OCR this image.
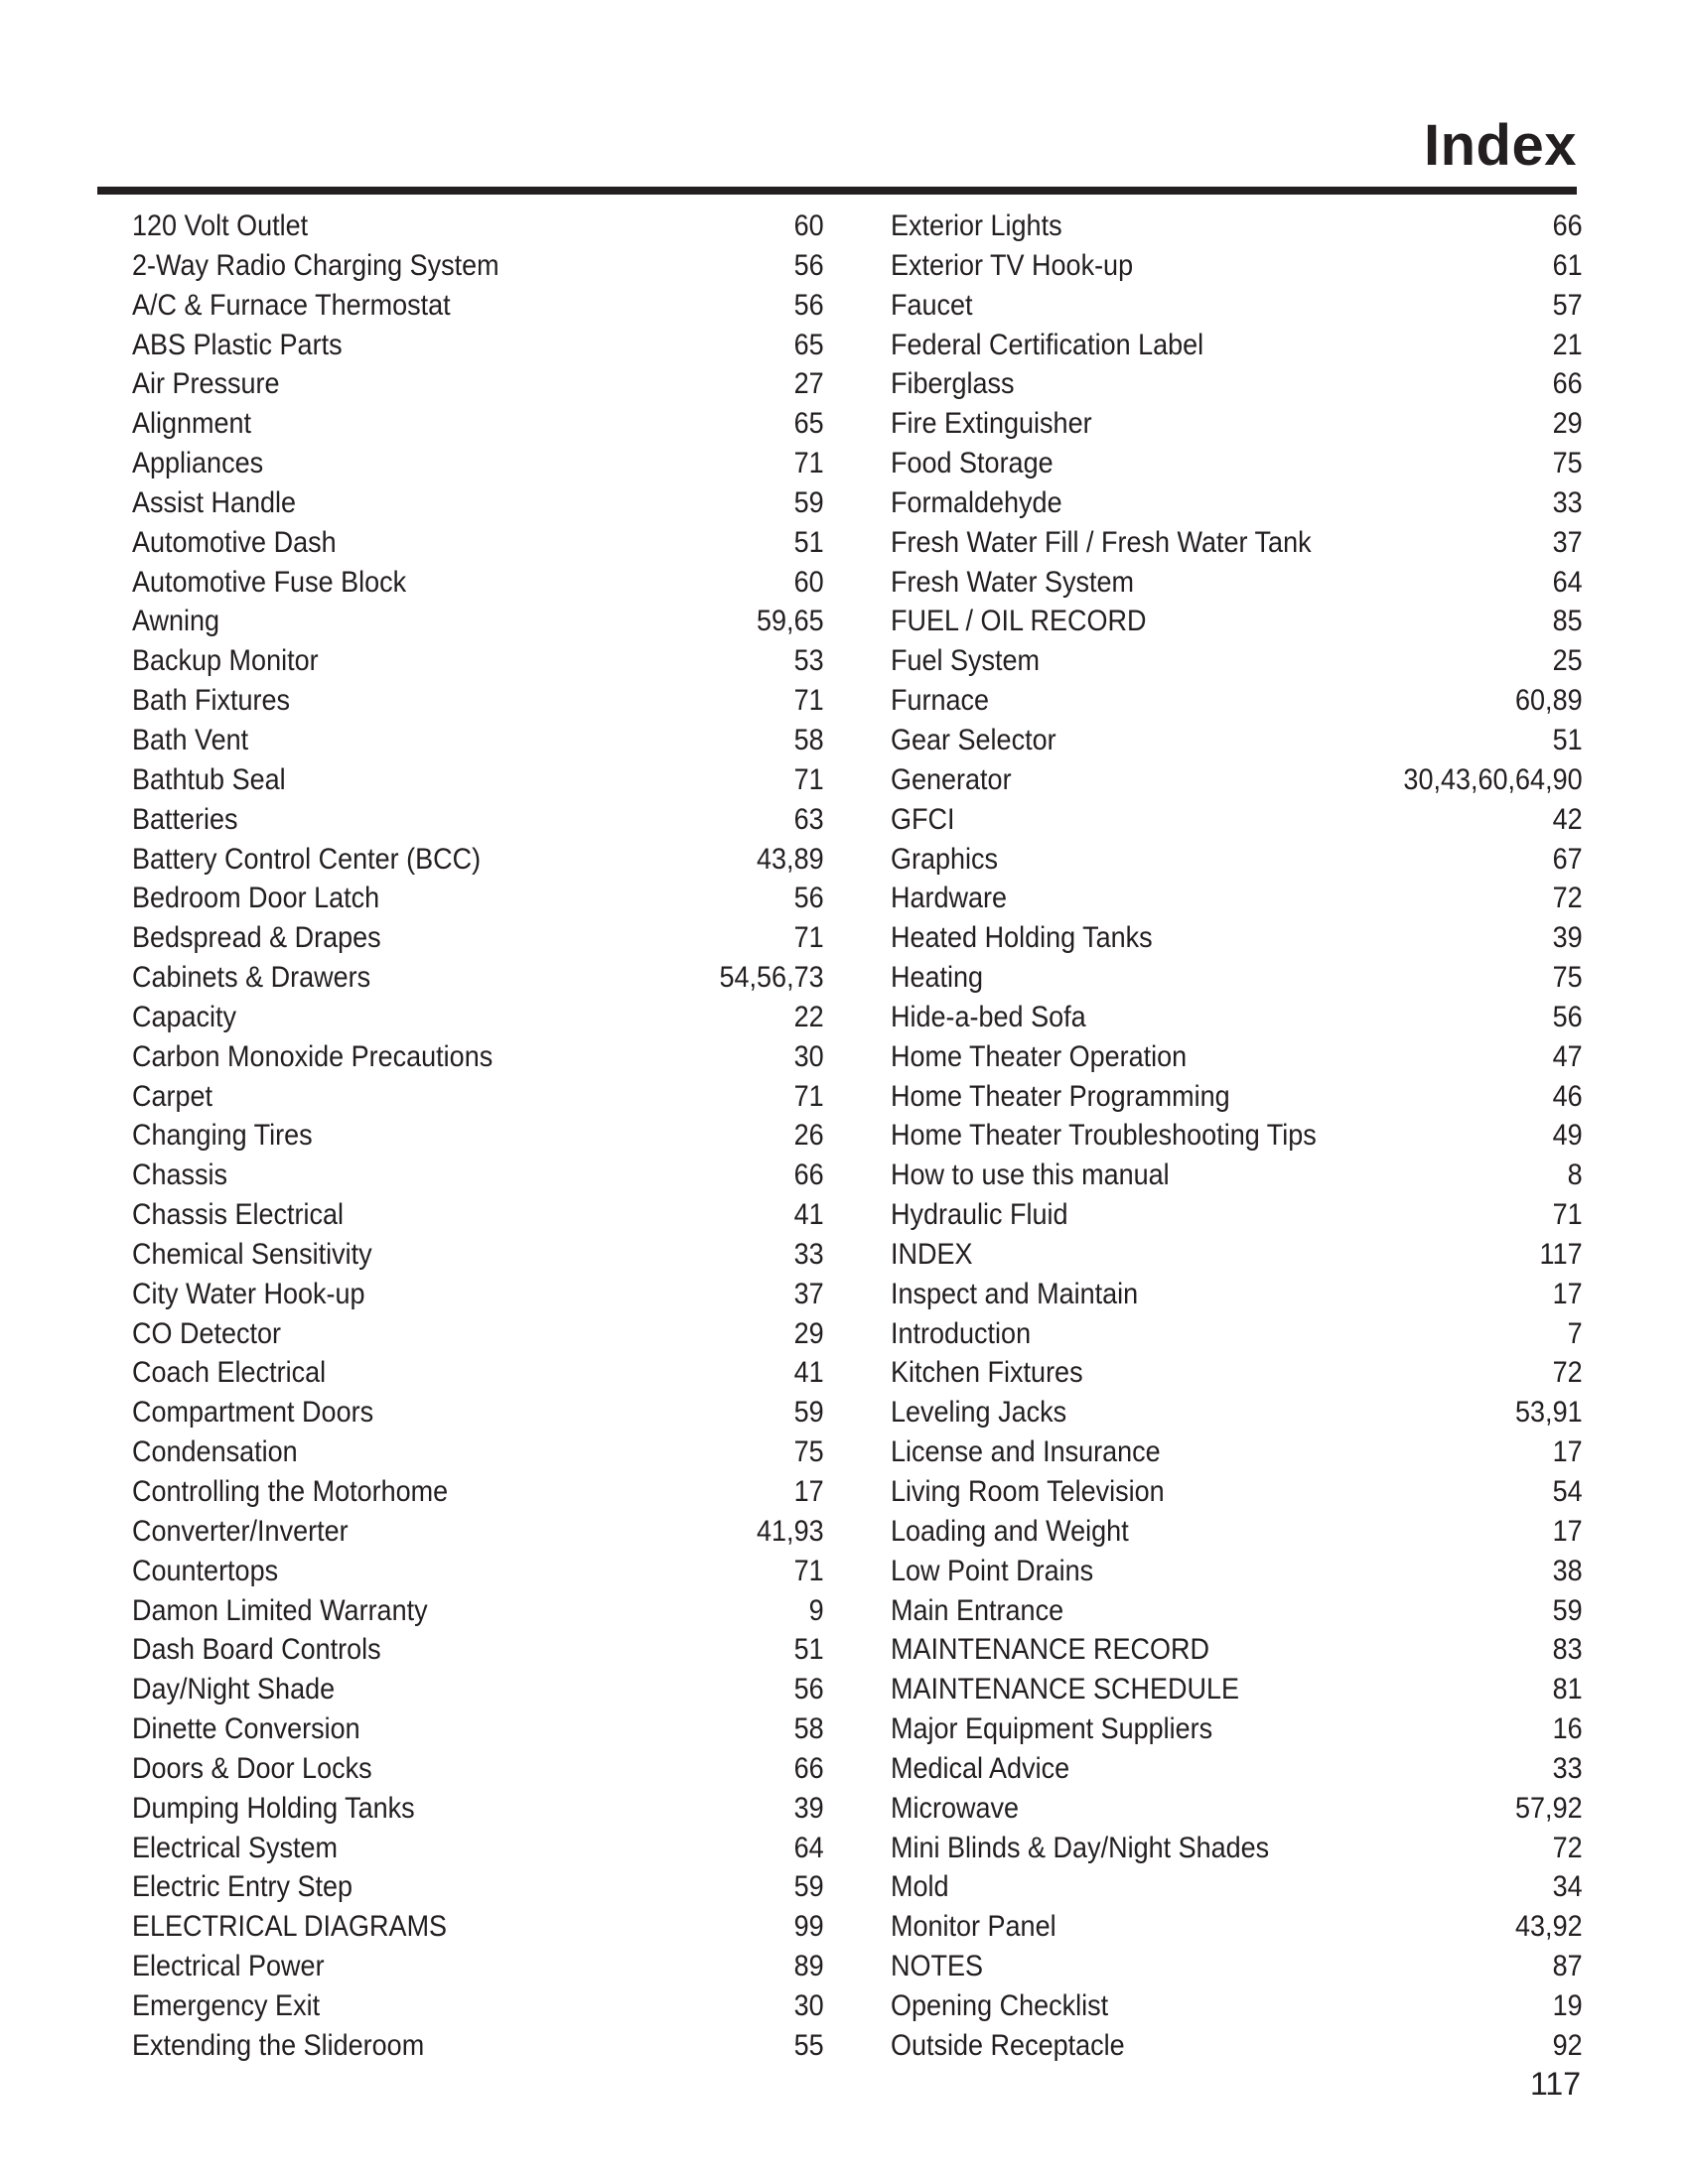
Index
120 Volt Outlet	60
2-Way Radio Charging System	56
A/C & Furnace Thermostat	56
ABS Plastic Parts	65
Air Pressure	27
Alignment	65
Appliances	71
Assist Handle	59
Automotive Dash	51
Automotive Fuse Block	60
Awning	59,65
Backup Monitor	53
Bath Fixtures	71
Bath Vent	58
Bathtub Seal	71
Batteries	63
Battery Control Center (BCC)	43,89
Bedroom Door Latch	56
Bedspread & Drapes	71
Cabinets & Drawers	54,56,73
Capacity	22
Carbon Monoxide Precautions	30
Carpet	71
Changing Tires	26
Chassis	66
Chassis Electrical	41
Chemical Sensitivity	33
City Water Hook-up	37
CO Detector	29
Coach Electrical	41
Compartment Doors	59
Condensation	75
Controlling the Motorhome	17
Converter/Inverter	41,93
Countertops	71
Damon Limited Warranty	9
Dash Board Controls	51
Day/Night Shade	56
Dinette Conversion	58
Doors & Door Locks	66
Dumping Holding Tanks	39
Electrical System	64
Electric Entry Step	59
ELECTRICAL DIAGRAMS	99
Electrical Power	89
Emergency Exit	30
Extending the Slideroom	55
Exterior Lights	66
Exterior TV Hook-up	61
Faucet	57
Federal Certification Label	21
Fiberglass	66
Fire Extinguisher	29
Food Storage	75
Formaldehyde	33
Fresh Water Fill / Fresh Water Tank	37
Fresh Water System	64
FUEL / OIL RECORD	85
Fuel System	25
Furnace	60,89
Gear Selector	51
Generator	30,43,60,64,90
GFCI	42
Graphics	67
Hardware	72
Heated Holding Tanks	39
Heating	75
Hide-a-bed Sofa	56
Home Theater Operation	47
Home Theater Programming	46
Home Theater Troubleshooting Tips	49
How to use this manual	8
Hydraulic Fluid	71
INDEX	117
Inspect and Maintain	17
Introduction	7
Kitchen Fixtures	72
Leveling Jacks	53,91
License and Insurance	17
Living Room Television	54
Loading and Weight	17
Low Point Drains	38
Main Entrance	59
MAINTENANCE RECORD	83
MAINTENANCE SCHEDULE	81
Major Equipment Suppliers	16
Medical Advice	33
Microwave	57,92
Mini Blinds & Day/Night Shades	72
Mold	34
Monitor Panel	43,92
NOTES	87
Opening Checklist	19
Outside Receptacle	92
117
